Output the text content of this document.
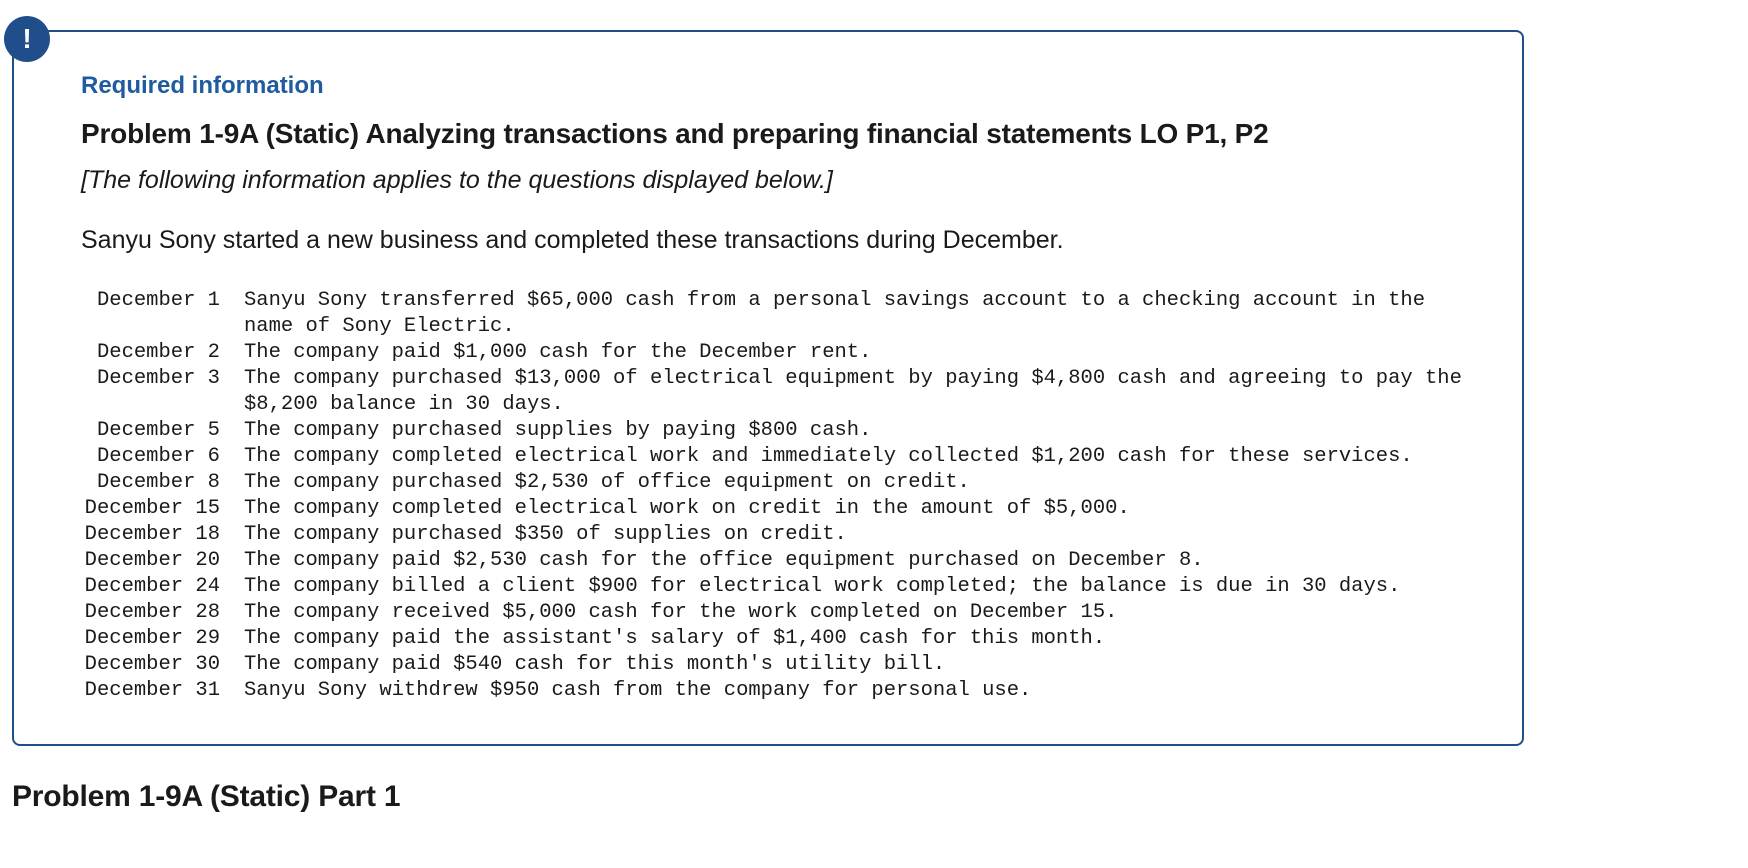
!
Required information
Problem 1-9A (Static) Analyzing transactions and preparing financial statements LO P1, P2
[The following information applies to the questions displayed below.]
Sanyu Sony started a new business and completed these transactions during December.
December 1	Sanyu Sony transferred $65,000 cash from a personal savings account to a checking account in the name of Sony Electric.
December 2	The company paid $1,000 cash for the December rent.
December 3	The company purchased $13,000 of electrical equipment by paying $4,800 cash and agreeing to pay the $8,200 balance in 30 days.
December 5	The company purchased supplies by paying $800 cash.
December 6	The company completed electrical work and immediately collected $1,200 cash for these services.
December 8	The company purchased $2,530 of office equipment on credit.
December 15	The company completed electrical work on credit in the amount of $5,000.
December 18	The company purchased $350 of supplies on credit.
December 20	The company paid $2,530 cash for the office equipment purchased on December 8.
December 24	The company billed a client $900 for electrical work completed; the balance is due in 30 days.
December 28	The company received $5,000 cash for the work completed on December 15.
December 29	The company paid the assistant's salary of $1,400 cash for this month.
December 30	The company paid $540 cash for this month's utility bill.
December 31	Sanyu Sony withdrew $950 cash from the company for personal use.
Problem 1-9A (Static) Part 1
